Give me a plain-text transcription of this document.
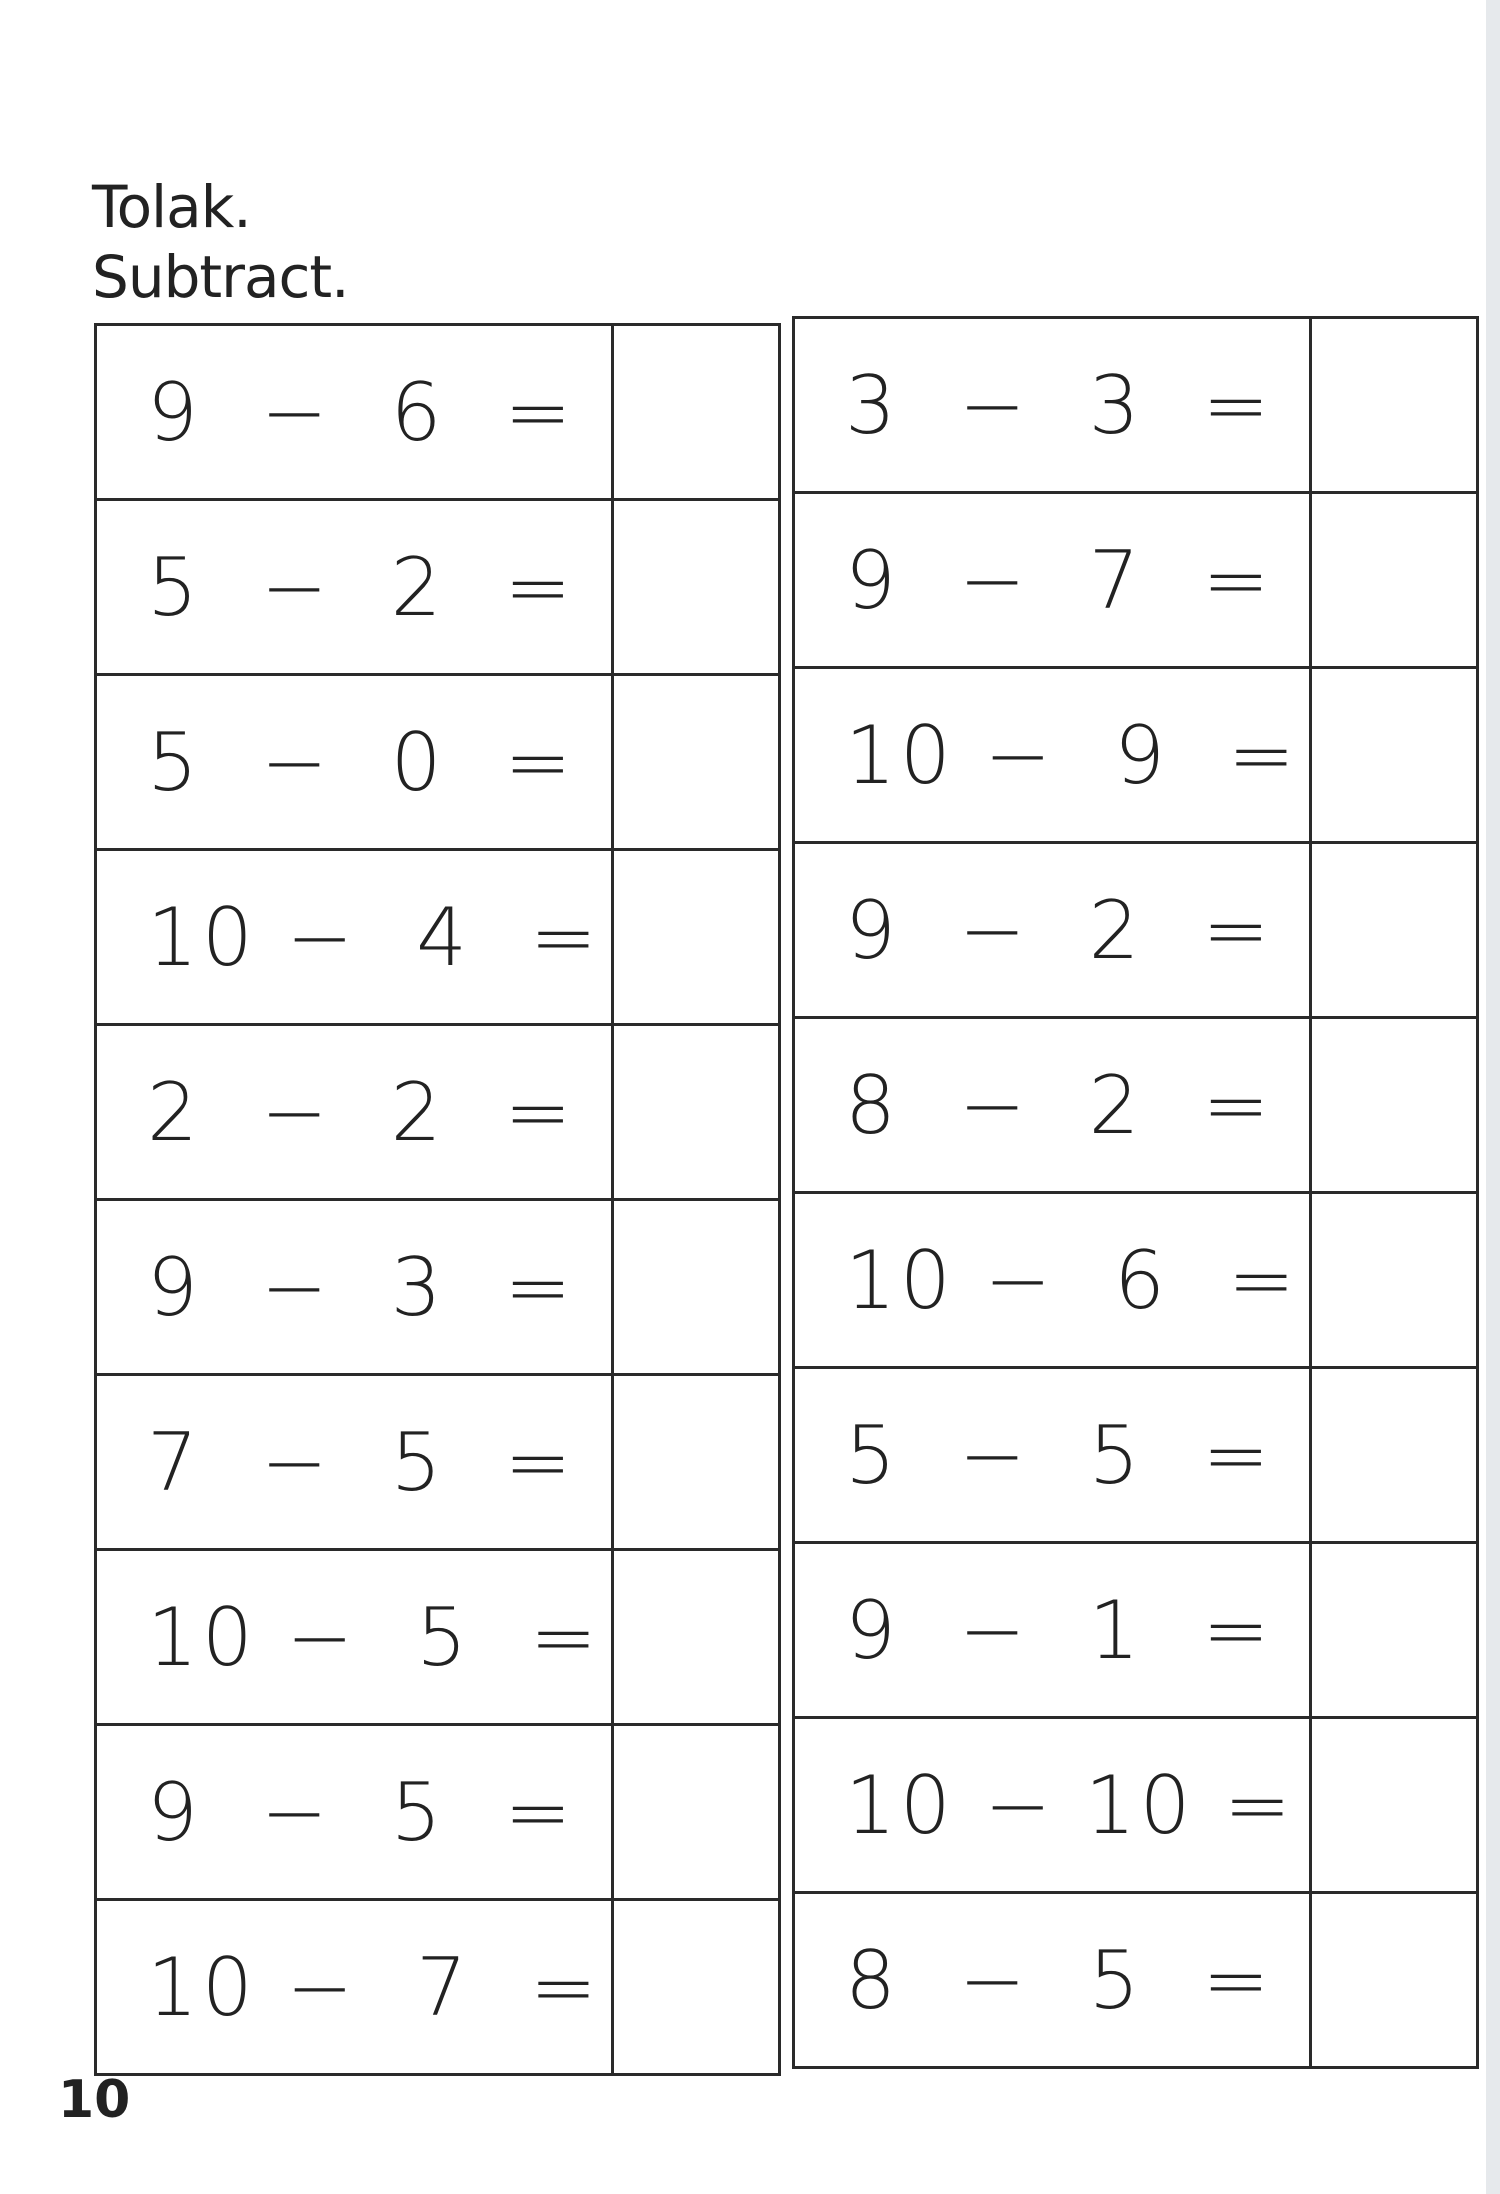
Tolak.
Subtract.
9  −  6  =	
5  −  2  =	
5  −  0  =	
10 −  4  =	
2  −  2  =	
9  −  3  =	
7  −  5  =	
10 −  5  =	
9  −  5  =	
10 −  7  =	
3  −  3  =	
9  −  7  =	
10 −  9  =	
9  −  2  =	
8  −  2  =	
10 −  6  =	
5  −  5  =	
9  −  1  =	
10 − 10 =	
8  −  5  =	
10
